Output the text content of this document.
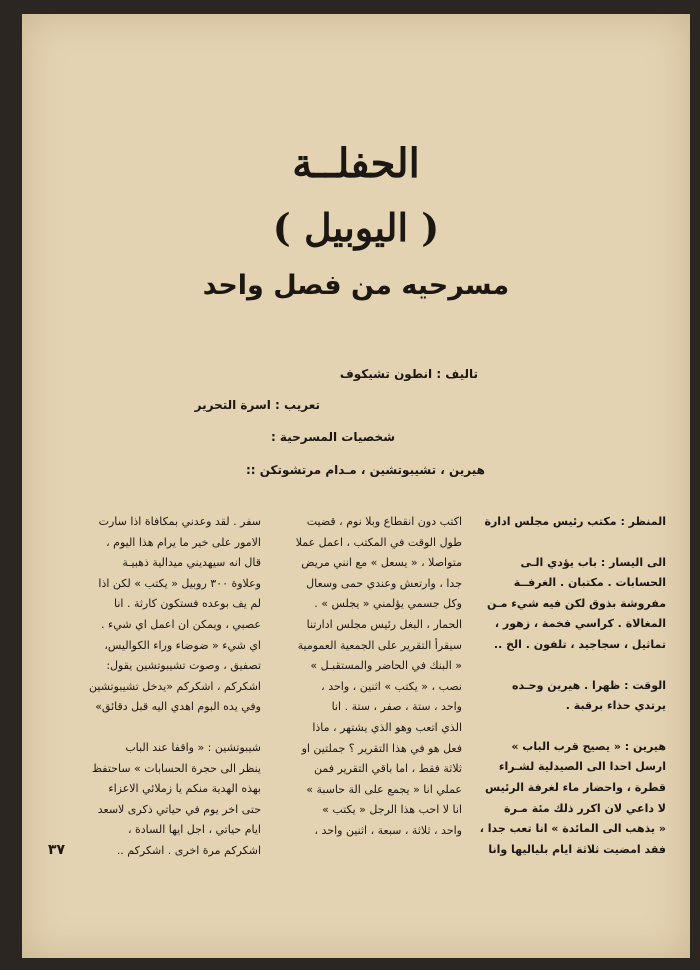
الحفلــة
( اليوبيل )
مسرحيه من فصل واحد
تاليف : انطون تشيكوف
تعريب : اسرة التحرير
شخصيات المسرحية :
هيرين ، تشيبوتشين ، مـدام مرتشوتكن ::

المنظر : مكتب رئيس مجلس ادارة

الى اليسار : باب يؤدي الـى

الحسابات . مكتبان . الغرفــة

مفروشة بذوق لكن فيه شيء مـن

المغالاة . كراسي فخمة ، زهور ،

تماثيل ، سجاجيد ، تلفون . الخ ..

الوقت : ظهرا . هيرين وحـده

يرتدي حذاء برقبة .

هيرين : « يصيح قرب الباب »

ارسل احدا الى الصيدلية لشـراء

قطرة ، واحضار ماء لغرفة الرئيس

لا داعي لان اكرر ذلك مئة مـرة

« يذهب الى المائدة » انا تعب جدا ،

فقد امضيت ثلاثة ايام بلياليها وانا

اكتب دون انقطاع وبلا نوم ، قضيت

طول الوقت في المكتب ، اعمل عملا

متواصلا ، « يسعل » مع انني مريض

جدا ، وارتعش وعندي حمى وسعال

وكل جسمي يؤلمني « يجلس » .

الحمار ، البغل رئيس مجلس ادارتنا

سيقرأ التقرير على الجمعية العمومية

« البنك في الحاضر والمستقبـل »

نصب ، « يكتب » اثنين ، واحد ،

واحد ، ستة ، صفر ، ستة . انا

الذي اتعب وهو الذي يشتهر ، ماذا

فعل هو في هذا التقرير ؟ جملتين او

ثلاثة فقط ، اما باقي التقرير فمن

عملي انا « يجمع على الة حاسبة »

انا لا احب هذا الرجل « يكتب »

واحد ، ثلاثة ، سبعة ، اثنين واحد ،

سفر . لقد وعدني بمكافاة اذا سارت

الامور على خير ما يرام هذا اليوم ،

قال انه سيهديني ميدالية ذهبيـة

وعلاوة ٣٠٠ روبيل « يكتب » لكن اذا

لم يف بوعده فستكون كارثة . انا

عصبي ، ويمكن ان اعمل اي شيء .

اي شيء « ضوضاء وراء الكواليس،

تصفيق ، وصوت تشيبوتشين يقول:

اشكركم ، اشكركم «يدخل تشيبوتشين

وفي يده البوم اهدي اليه قبل دقائق»

شيبوتشين : « واقفا عند الباب

ينظر الى حجرة الحسابات » ساحتفظ

بهذه الهدية منكم يا زملائي الاعزاء

حتى اخر يوم في حياتي ذكرى لاسعد

ايام حياتي ، اجل ايها السادة ،

اشكركم مرة اخرى . اشكركم ..

٣٧
